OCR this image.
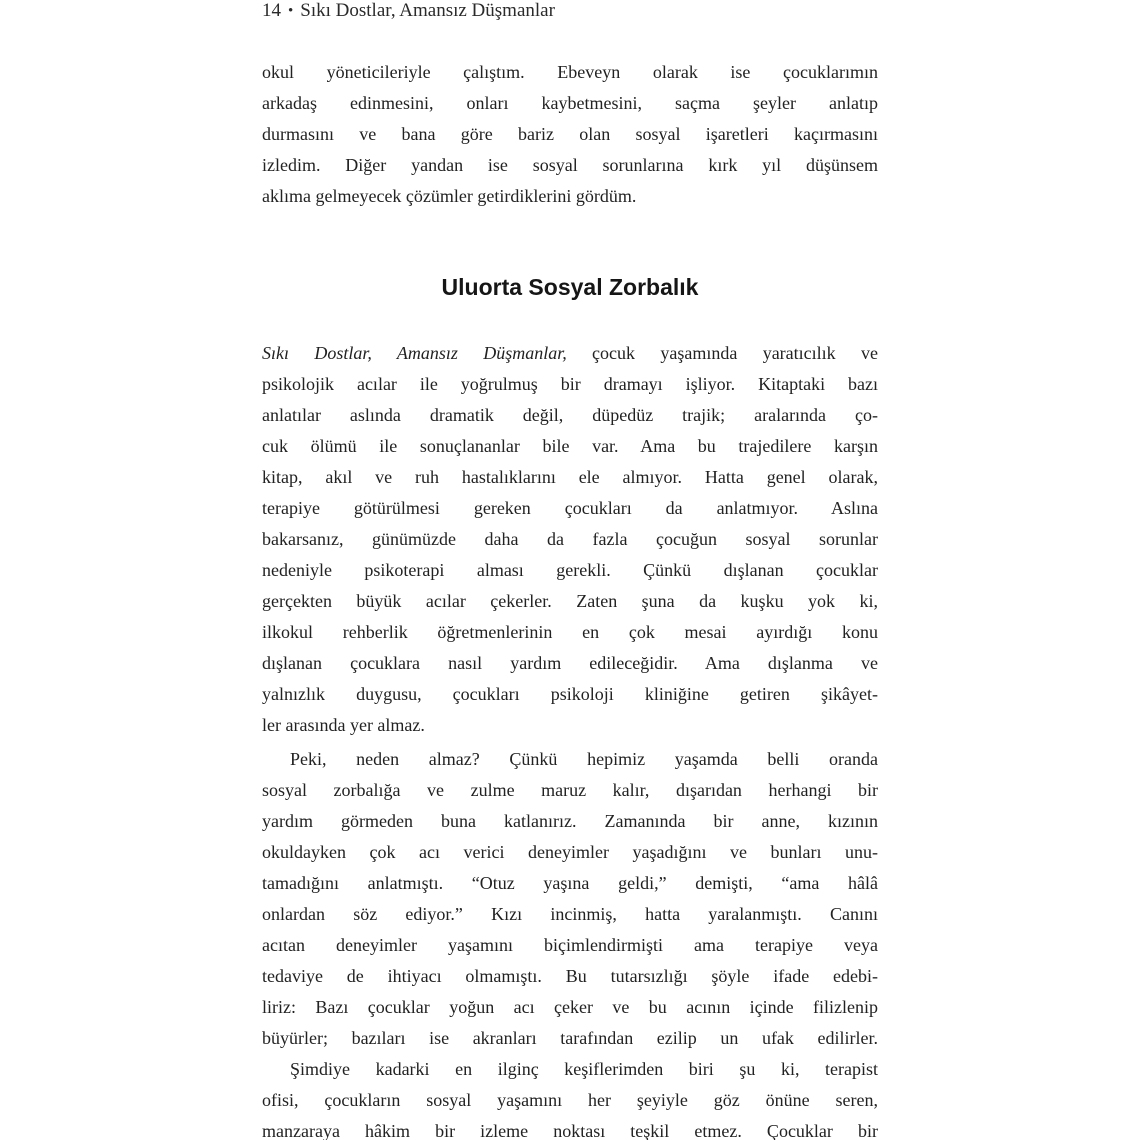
14 • Sıkı Dostlar, Amansız Düşmanlar
okul yöneticileriyle çalıştım. Ebeveyn olarak ise çocuklarımın
arkadaş edinmesini, onları kaybetmesini, saçma şeyler anlatıp
durmasını ve bana göre bariz olan sosyal işaretleri kaçırmasını
izledim. Diğer yandan ise sosyal sorunlarına kırk yıl düşünsem
aklıma gelmeyecek çözümler getirdiklerini gördüm.
Uluorta Sosyal Zorbalık
Sıkı Dostlar, Amansız Düşmanlar, çocuk yaşamında yaratıcılık ve
psikolojik acılar ile yoğrulmuş bir dramayı işliyor. Kitaptaki bazı
anlatılar aslında dramatik değil, düpedüz trajik; aralarında ço-
cuk ölümü ile sonuçlananlar bile var. Ama bu trajedilere karşın
kitap, akıl ve ruh hastalıklarını ele almıyor. Hatta genel olarak,
terapiye götürülmesi gereken çocukları da anlatmıyor. Aslına
bakarsanız, günümüzde daha da fazla çocuğun sosyal sorunlar
nedeniyle psikoterapi alması gerekli. Çünkü dışlanan çocuklar
gerçekten büyük acılar çekerler. Zaten şuna da kuşku yok ki,
ilkokul rehberlik öğretmenlerinin en çok mesai ayırdığı konu
dışlanan çocuklara nasıl yardım edileceğidir. Ama dışlanma ve
yalnızlık duygusu, çocukları psikoloji kliniğine getiren şikâyet-
ler arasında yer almaz.
Peki, neden almaz? Çünkü hepimiz yaşamda belli oranda
sosyal zorbalığa ve zulme maruz kalır, dışarıdan herhangi bir
yardım görmeden buna katlanırız. Zamanında bir anne, kızının
okuldayken çok acı verici deneyimler yaşadığını ve bunları unu-
tamadığını anlatmıştı. “Otuz yaşına geldi,” demişti, “ama hâlâ
onlardan söz ediyor.” Kızı incinmiş, hatta yaralanmıştı. Canını
acıtan deneyimler yaşamını biçimlendirmişti ama terapiye veya
tedaviye de ihtiyacı olmamıştı. Bu tutarsızlığı şöyle ifade edebi-
liriz: Bazı çocuklar yoğun acı çeker ve bu acının içinde filizlenip
büyürler; bazıları ise akranları tarafından ezilip un ufak edilirler.
Şimdiye kadarki en ilginç keşiflerimden biri şu ki, terapist
ofisi, çocukların sosyal yaşamını her şeyiyle göz önüne seren,
manzaraya hâkim bir izleme noktası teşkil etmez. Çocuklar bir
